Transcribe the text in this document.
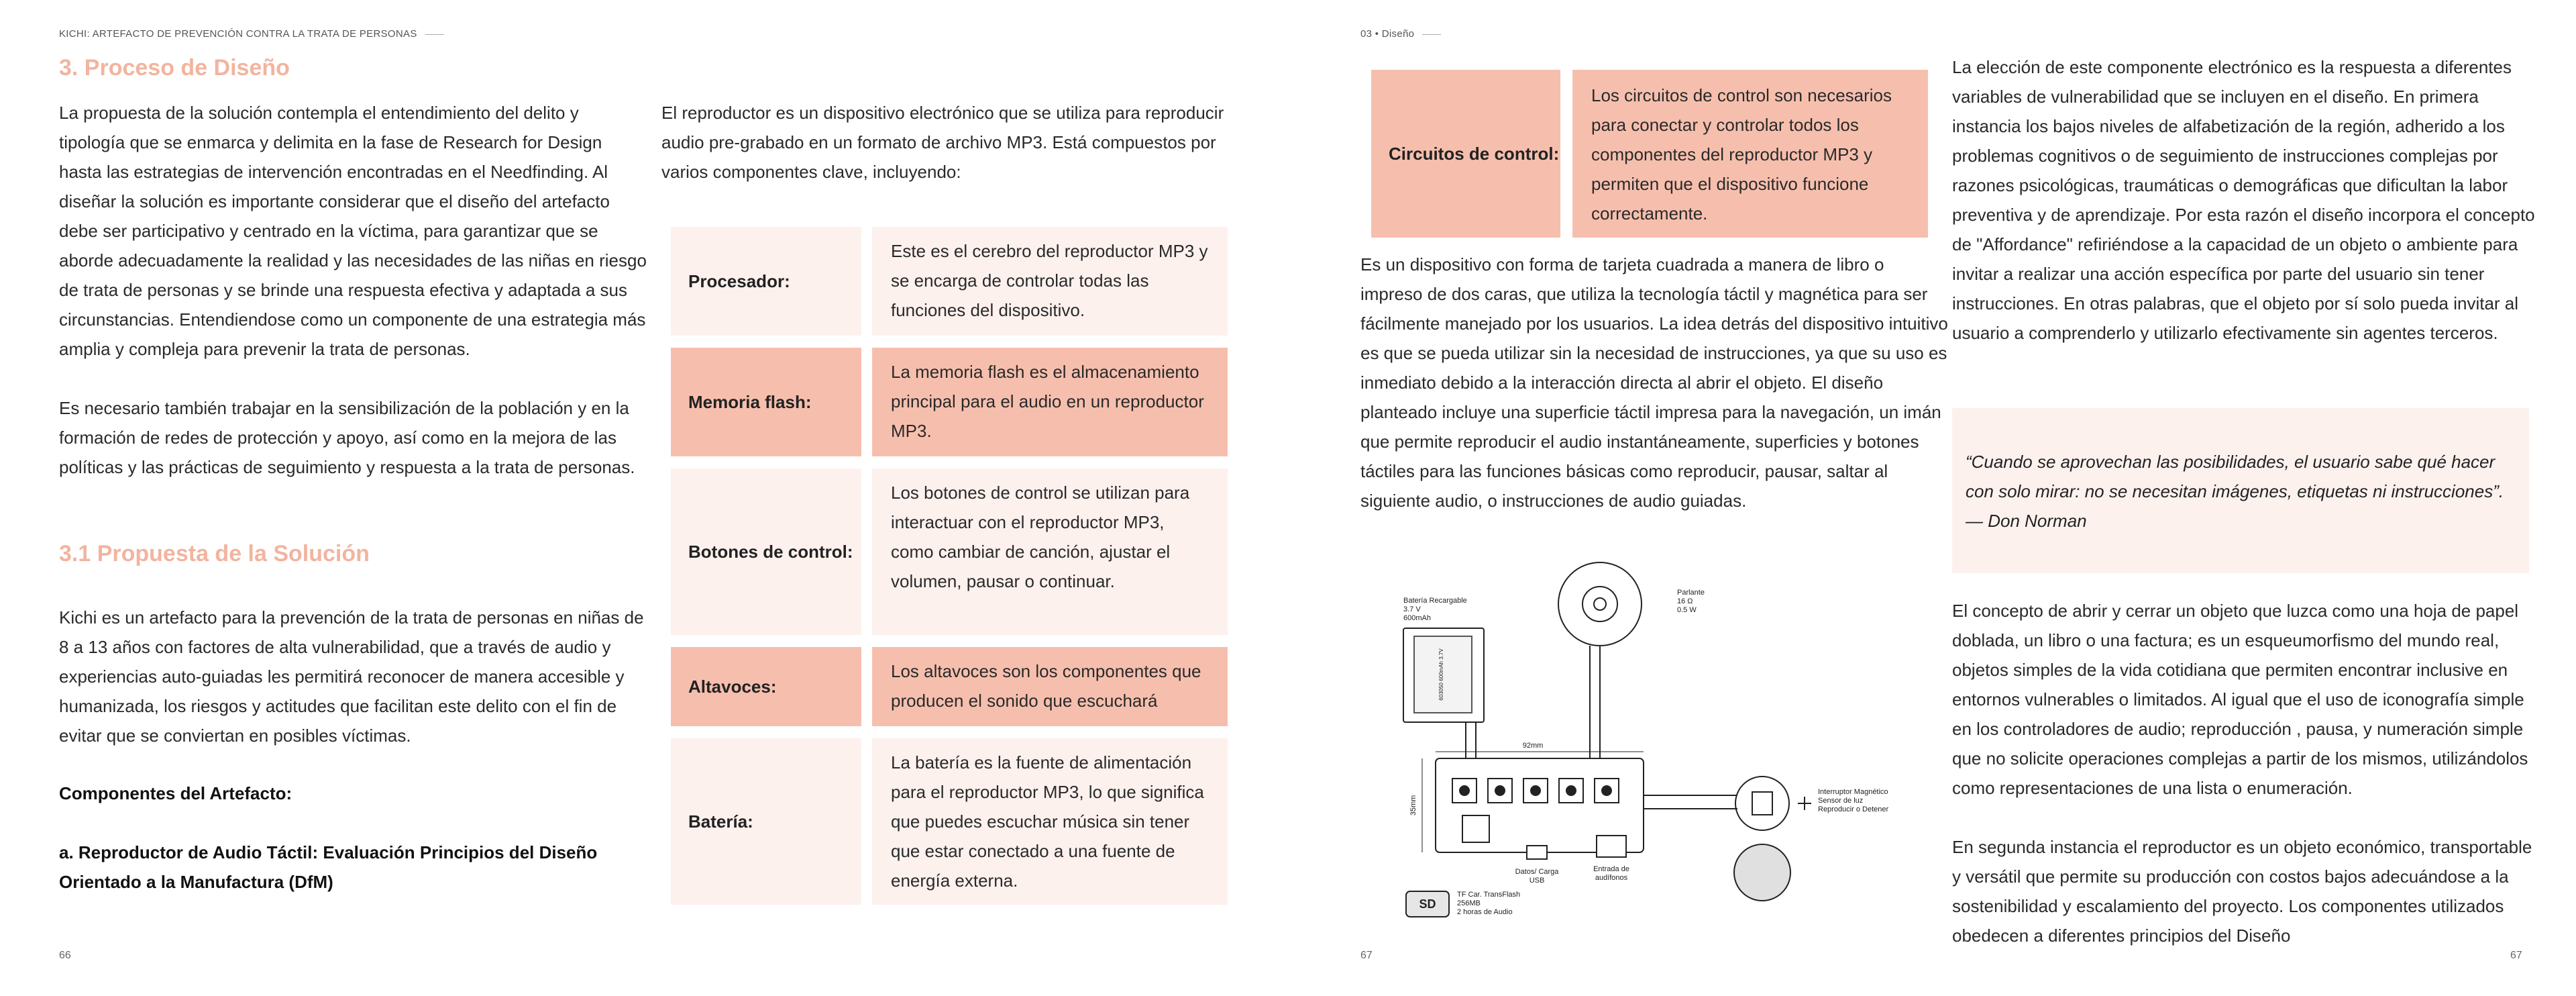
KICHI: ARTEFACTO DE PREVENCIÓN CONTRA LA TRATA DE PERSONAS
3. Proceso de Diseño

La propuesta de la solución contempla el entendimiento del delito y tipología que se enmarca y delimita en la fase de Research for Design hasta las estrategias de intervención encontradas en el Needfinding. Al diseñar la solución es importante considerar que el diseño del artefacto debe ser participativo y centrado en la víctima, para garantizar que se aborde adecuadamente la realidad y las necesidades de las niñas en riesgo de trata de personas y se brinde una respuesta efectiva y adaptada a sus circunstancias. Entendiendose como un componente de una estrategia más amplia y compleja para prevenir la trata de personas.

Es necesario también trabajar en la sensibilización de la población y en la formación de redes de protección y apoyo, así como en la mejora de las políticas y las prácticas de seguimiento y respuesta a la trata de personas.

3.1 Propuesta de la Solución

Kichi es un artefacto para la prevención de la trata de personas en niñas de 8 a 13 años con factores de alta vulnerabilidad, que a través de audio y experiencias auto-guiadas les permitirá reconocer de manera accesible y humanizada, los riesgos y actitudes que facilitan este delito con el fin de evitar que se conviertan en posibles víctimas.

Componentes del Artefacto:

a. Reproductor de Audio Táctil: Evaluación Principios del Diseño Orientado a la Manufactura (DfM)

El reproductor es un dispositivo electrónico que se utiliza para reproducir audio pre-grabado en un formato de archivo MP3. Está compuestos por varios componentes clave, incluyendo:

Procesador:
Este es el cerebro del reproductor MP3 y se encarga de controlar todas las funciones del dispositivo.
Memoria flash:
La memoria flash es el almacenamiento principal para el audio en un reproductor MP3.
Botones de control:
Los botones de control se utilizan para interactuar con el reproductor MP3, como cambiar de canción, ajustar el volumen, pausar o continuar.
Altavoces:
Los altavoces son los componentes que producen el sonido que escuchará
Batería:
La batería es la fuente de alimentación para el reproductor MP3, lo que significa que puedes escuchar música sin tener que estar conectado a una fuente de energía externa.
66
03 • Diseño
Circuitos de control:
Los circuitos de control son necesarios para conectar y controlar todos los componentes del reproductor MP3 y permiten que el dispositivo funcione correctamente.

Es un dispositivo con forma de tarjeta cuadrada a manera de libro o impreso de dos caras, que utiliza la tecnología táctil y magnética para ser fácilmente manejado por los usuarios. La idea detrás del dispositivo intuitivo es que se pueda utilizar sin la necesidad de instrucciones, ya que su uso es inmediato debido a la interacción directa al abrir el objeto. El diseño planteado incluye una superficie táctil impresa para la navegación, un imán que permite reproducir el audio instantáneamente, superficies y botones táctiles para las funciones básicas como reproducir, pausar, saltar al siguiente audio, o instrucciones de audio guiadas.

SD
Batería Recargable
3.7 V
600mAh
603050 600mAh 3.7V
Parlante
16 Ω
0.5 W
92mm
35mm
Interruptor Magnético
Sensor de luz
Reproducir o Detener
Datos/ Carga
USB
Entrada de
audífonos
TF Car. TransFlash
256MB
2 horas de Audio

La elección de este componente electrónico es la respuesta a diferentes variables de vulnerabilidad que se incluyen en el diseño. En primera instancia los bajos niveles de alfabetización de la región, adherido a los problemas cognitivos o de seguimiento de instrucciones complejas por razones psicológicas, traumáticas o demográficas que dificultan la labor preventiva y de aprendizaje. Por esta razón el diseño incorpora el concepto de "Affordance" refiriéndose a la capacidad de un objeto o ambiente para invitar a realizar una acción específica por parte del usuario sin tener instrucciones. En otras palabras, que el objeto por sí solo pueda invitar al usuario a comprenderlo y utilizarlo efectivamente sin agentes terceros.

“Cuando se aprovechan las posibilidades, el usuario sabe qué hacer con solo mirar: no se necesitan imágenes, etiquetas ni instrucciones”.
— Don Norman

El concepto de abrir y cerrar un objeto que luzca como una hoja de papel doblada, un libro o una factura; es un esqueumorfismo del mundo real, objetos simples de la vida cotidiana que permiten encontrar inclusive en entornos vulnerables o limitados. Al igual que el uso de iconografía simple en los controladores de audio; reproducción , pausa, y numeración simple que no solicite operaciones complejas a partir de los mismos, utilizándolos como representaciones de una lista o enumeración.

En segunda instancia el reproductor es un objeto económico, transportable y versátil que permite su producción con costos bajos adecuándose a la sostenibilidad y escalamiento del proyecto. Los componentes utilizados obedecen a diferentes principios del Diseño

67	67
